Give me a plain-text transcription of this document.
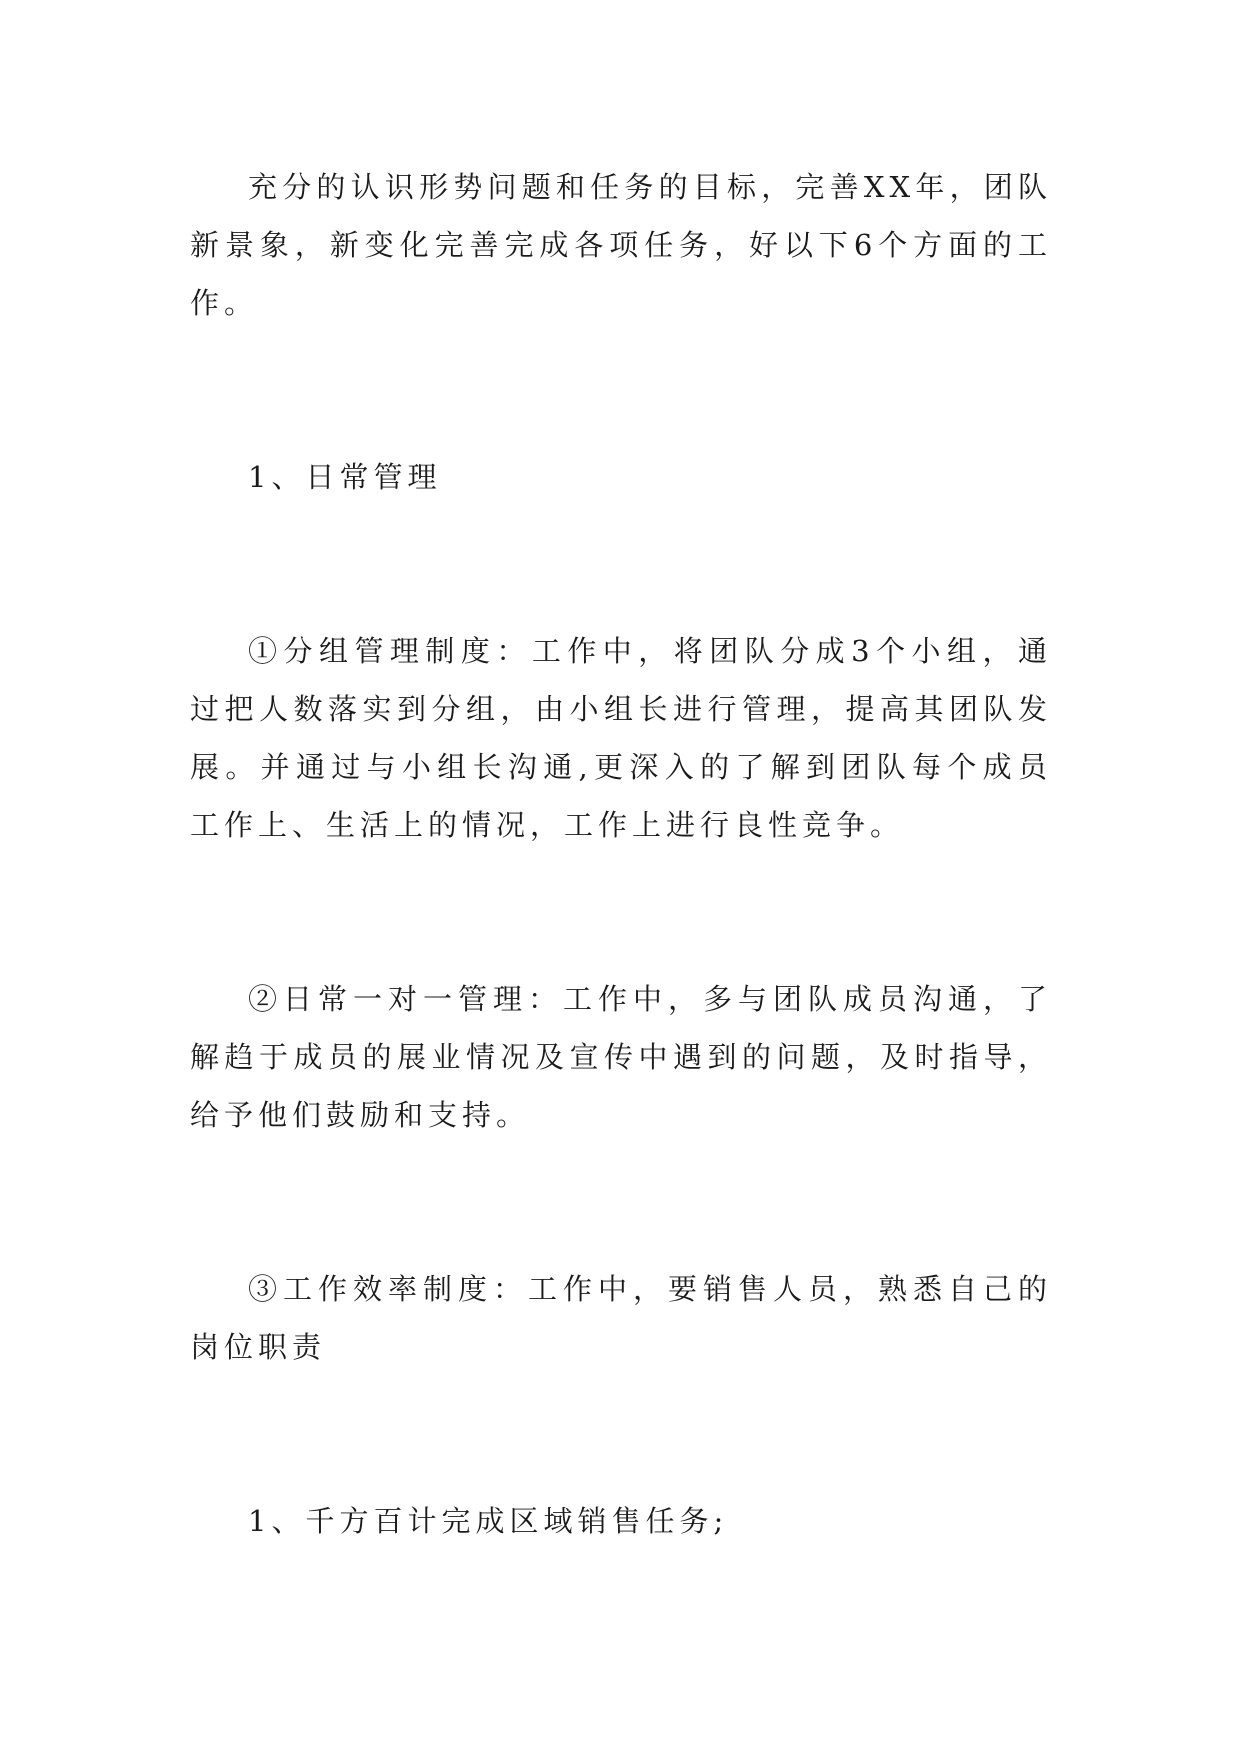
充分的认识形势问题和任务的目标，完善XX年，团队新景象，新变化完善完成各项任务，好以下6个方面的工作。

1、日常管理

①分组管理制度：工作中，将团队分成3个小组，通过把人数落实到分组，由小组长进行管理，提高其团队发展。并通过与小组长沟通,更深入的了解到团队每个成员工作上、生活上的情况，工作上进行良性竞争。

②日常一对一管理：工作中，多与团队成员沟通，了解趋于成员的展业情况及宣传中遇到的问题，及时指导，给予他们鼓励和支持。

③工作效率制度：工作中，要销售人员，熟悉自己的岗位职责

1、千方百计完成区域销售任务;
